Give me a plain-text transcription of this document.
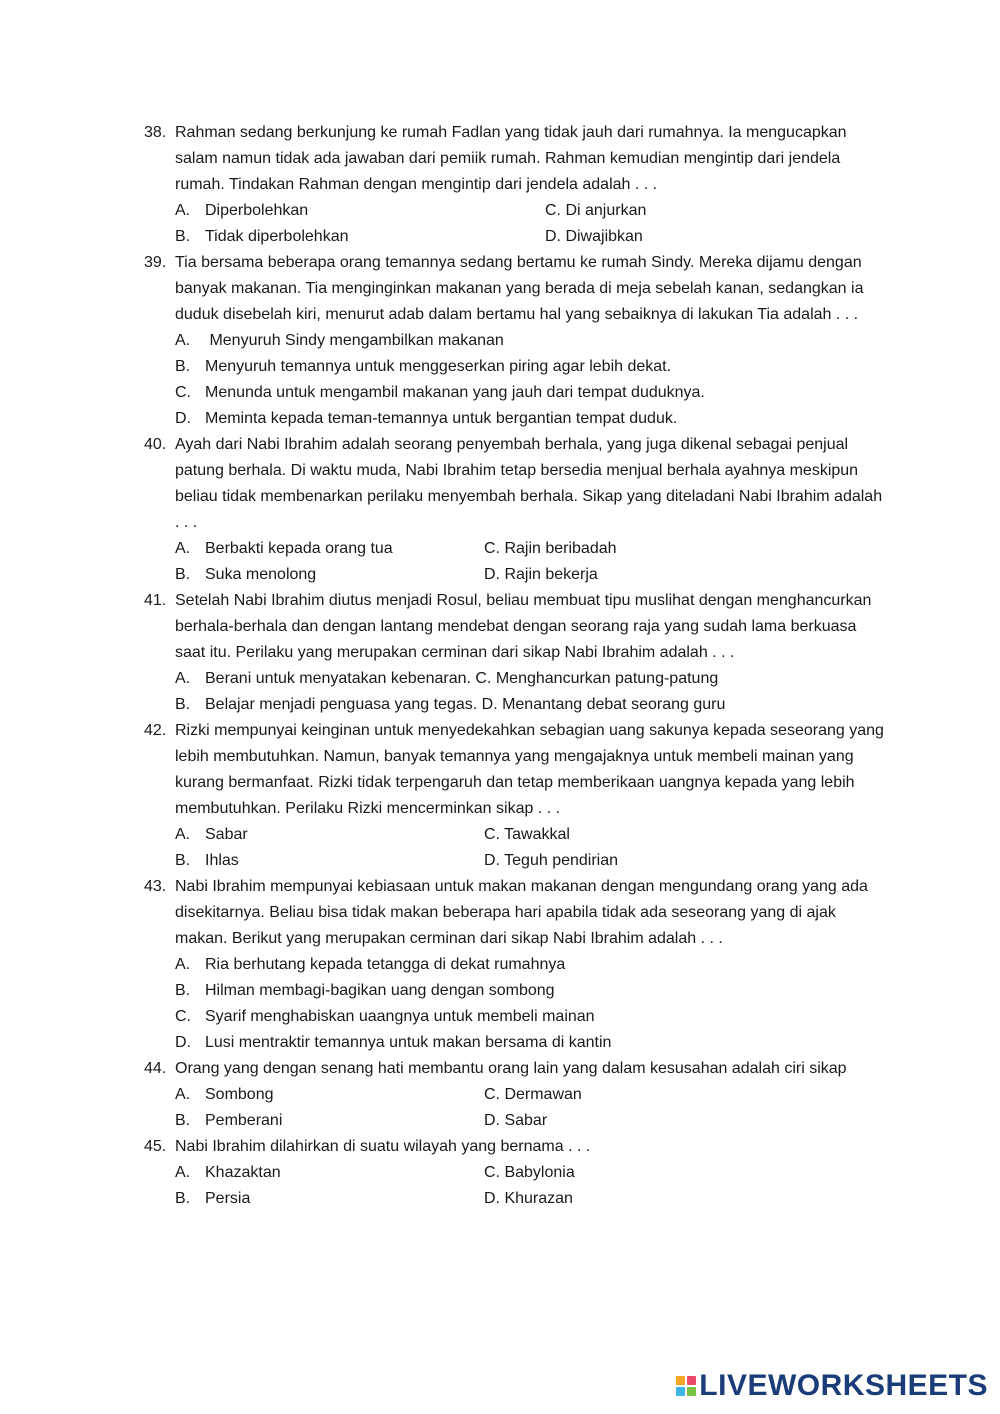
38. Rahman sedang berkunjung ke rumah Fadlan yang tidak jauh dari rumahnya. Ia mengucapkan salam namun tidak ada jawaban dari pemiik rumah. Rahman kemudian mengintip dari jendela rumah. Tindakan Rahman dengan mengintip dari jendela adalah . . .
A. Diperbolehkan	C. Di anjurkan
B. Tidak diperbolehkan	D. Diwajibkan
39. Tia bersama beberapa orang temannya sedang bertamu ke rumah Sindy. Mereka dijamu dengan banyak makanan. Tia menginginkan makanan yang berada di meja sebelah kanan, sedangkan ia duduk disebelah kiri, menurut adab dalam bertamu hal yang sebaiknya di lakukan Tia adalah . . .
A. Menyuruh Sindy mengambilkan makanan
B. Menyuruh temannya untuk menggeserkan piring agar lebih dekat.
C. Menunda untuk mengambil makanan yang jauh dari tempat duduknya.
D. Meminta kepada teman-temannya untuk bergantian tempat duduk.
40. Ayah dari Nabi Ibrahim adalah seorang penyembah berhala, yang juga dikenal sebagai penjual patung berhala. Di waktu muda, Nabi Ibrahim tetap bersedia menjual berhala ayahnya meskipun beliau tidak membenarkan perilaku menyembah berhala. Sikap yang diteladani Nabi Ibrahim adalah . . .
A. Berbakti kepada orang tua	C. Rajin beribadah
B. Suka menolong	D. Rajin bekerja
41. Setelah Nabi Ibrahim diutus menjadi Rosul, beliau membuat tipu muslihat dengan menghancurkan berhala-berhala dan dengan lantang mendebat dengan seorang raja yang sudah lama berkuasa saat itu. Perilaku yang merupakan cerminan dari sikap Nabi Ibrahim adalah . . .
A. Berani untuk menyatakan kebenaran. C. Menghancurkan patung-patung
B. Belajar menjadi penguasa yang tegas. D. Menantang debat seorang guru
42. Rizki mempunyai keinginan untuk menyedekahkan sebagian uang sakunya kepada seseorang yang lebih membutuhkan. Namun, banyak temannya yang mengajaknya untuk membeli mainan yang kurang bermanfaat. Rizki tidak terpengaruh dan tetap memberikaan uangnya kepada yang lebih membutuhkan. Perilaku Rizki mencerminkan sikap . . .
A. Sabar	C. Tawakkal
B. Ihlas	D. Teguh pendirian
43. Nabi Ibrahim mempunyai kebiasaan untuk makan makanan dengan mengundang orang yang ada disekitarnya. Beliau bisa tidak makan beberapa hari apabila tidak ada seseorang yang di ajak makan. Berikut yang merupakan cerminan dari sikap Nabi Ibrahim adalah . . .
A. Ria berhutang kepada tetangga di dekat rumahnya
B. Hilman membagi-bagikan uang dengan sombong
C. Syarif menghabiskan uaangnya untuk membeli mainan
D. Lusi mentraktir temannya untuk makan bersama di kantin
44. Orang yang dengan senang hati membantu orang lain yang dalam kesusahan adalah ciri sikap
A. Sombong	C. Dermawan
B. Pemberani	D. Sabar
45. Nabi Ibrahim dilahirkan di suatu wilayah yang bernama . . .
A. Khazaktan	C. Babylonia
B. Persia	D. Khurazan
LIVEWORKSHEETS
